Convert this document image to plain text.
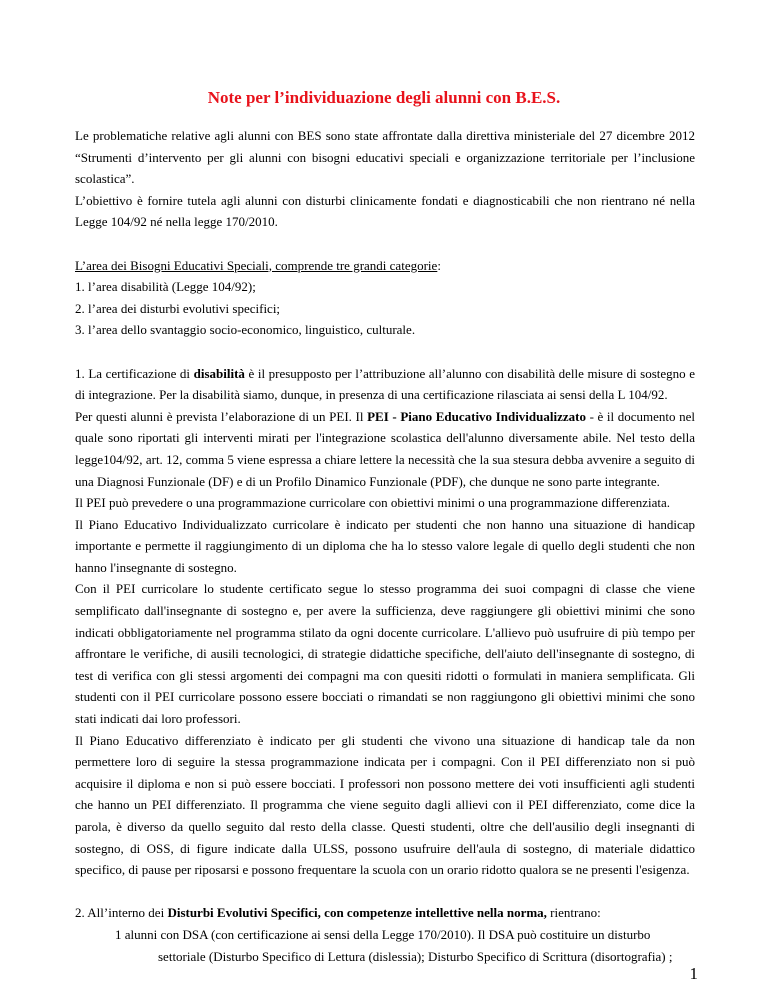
Note per l’individuazione degli alunni con B.E.S.

Le problematiche relative agli alunni con BES sono state affrontate dalla direttiva ministeriale del 27 dicembre 2012 “Strumenti d’intervento per gli alunni con bisogni educativi speciali e organizzazione territoriale per l’inclusione scolastica”.

L’obiettivo è fornire tutela agli alunni con disturbi clinicamente fondati e diagnosticabili che non rientrano né nella Legge 104/92 né nella legge 170/2010.

L’area dei Bisogni Educativi Speciali, comprende tre grandi categorie:

1. l’area disabilità (Legge 104/92);

2. l’area dei disturbi evolutivi specifici;

3. l’area dello svantaggio socio-economico, linguistico, culturale.

1. La certificazione di disabilità è il presupposto per l’attribuzione all’alunno con disabilità delle misure di sostegno e di integrazione. Per la disabilità siamo, dunque, in presenza di una certificazione rilasciata ai sensi della L 104/92.

Per questi alunni è prevista l’elaborazione di un PEI. Il PEI - Piano Educativo Individualizzato - è il documento nel quale sono riportati gli interventi mirati per l'integrazione scolastica dell'alunno diversamente abile. Nel testo della legge104/92, art. 12, comma 5 viene espressa a chiare lettere la necessità che la sua stesura debba avvenire a seguito di una Diagnosi Funzionale (DF) e di un Profilo Dinamico Funzionale (PDF), che dunque ne sono parte integrante.

Il PEI può prevedere o una programmazione curricolare con obiettivi minimi o una programmazione differenziata.

Il Piano Educativo Individualizzato curricolare è indicato per studenti che non hanno una situazione di handicap importante e permette il raggiungimento di un diploma che ha lo stesso valore legale di quello degli studenti che non hanno l'insegnante di sostegno.

Con il PEI curricolare lo studente certificato segue lo stesso programma dei suoi compagni di classe che viene semplificato dall'insegnante di sostegno e, per avere la sufficienza, deve raggiungere gli obiettivi minimi che sono indicati obbligatoriamente nel programma stilato da ogni docente curricolare. L'allievo può usufruire di più tempo per affrontare le verifiche, di ausili tecnologici, di strategie didattiche specifiche, dell'aiuto dell'insegnante di sostegno, di test di verifica con gli stessi argomenti dei compagni ma con quesiti ridotti o formulati in maniera semplificata. Gli studenti con il PEI curricolare possono essere bocciati o rimandati se non raggiungono gli obiettivi minimi che sono stati indicati dai loro professori.

Il Piano Educativo differenziato è indicato per gli studenti che vivono una situazione di handicap tale da non permettere loro di seguire la stessa programmazione indicata per i compagni. Con il PEI differenziato non si può acquisire il diploma e non si può essere bocciati. I professori non possono mettere dei voti insufficienti agli studenti che hanno un PEI differenziato. Il programma che viene seguito dagli allievi con il PEI differenziato, come dice la parola, è diverso da quello seguito dal resto della classe. Questi studenti, oltre che dell'ausilio degli insegnanti di sostegno, di OSS, di figure indicate dalla ULSS, possono usufruire dell'aula di sostegno, di materiale didattico specifico, di pause per riposarsi e possono frequentare la scuola con un orario ridotto qualora se ne presenti l'esigenza.

2. All’interno dei Disturbi Evolutivi Specifici, con competenze intellettive nella norma, rientrano:

1 alunni con DSA (con certificazione ai sensi della Legge 170/2010). Il DSA può costituire un disturbo

settoriale (Disturbo Specifico di Lettura (dislessia); Disturbo Specifico di Scrittura (disortografia) ;

1
